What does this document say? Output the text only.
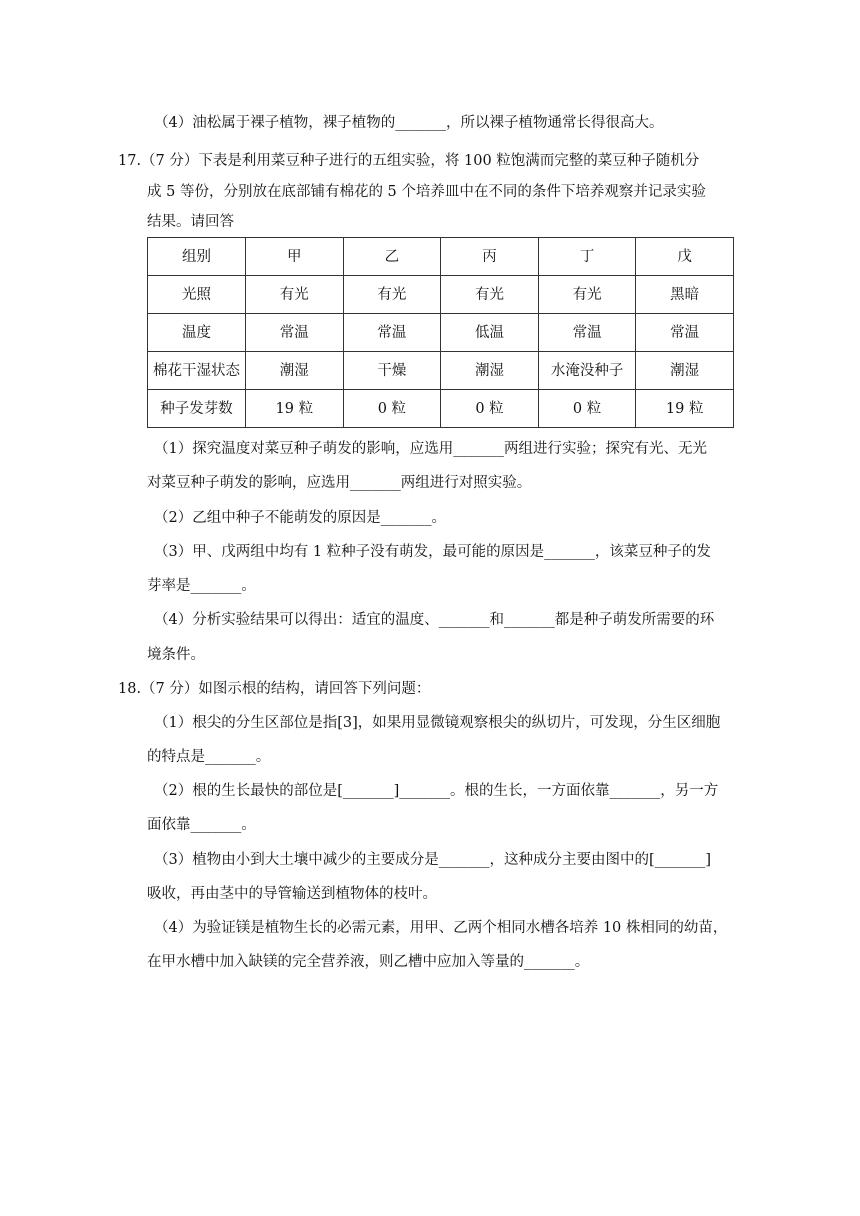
（4）油松属于裸子植物，裸子植物的_______，所以裸子植物通常长得很高大。
17.（7 分）下表是利用菜豆种子进行的五组实验，将 100 粒饱满而完整的菜豆种子随机分
成 5 等份，分别放在底部铺有棉花的 5 个培养皿中在不同的条件下培养观察并记录实验
结果。请回答
组别	甲	乙	丙	丁	戊
光照	有光	有光	有光	有光	黑暗
温度	常温	常温	低温	常温	常温
棉花干湿状态	潮湿	干燥	潮湿	水淹没种子	潮湿
种子发芽数	19 粒	0 粒	0 粒	0 粒	19 粒
（1）探究温度对菜豆种子萌发的影响，应选用_______两组进行实验；探究有光、无光
对菜豆种子萌发的影响，应选用_______两组进行对照实验。
（2）乙组中种子不能萌发的原因是_______。
（3）甲、戊两组中均有 1 粒种子没有萌发，最可能的原因是_______，该菜豆种子的发
芽率是_______。
（4）分析实验结果可以得出：适宜的温度、_______和_______都是种子萌发所需要的环
境条件。
18.（7 分）如图示根的结构，请回答下列问题：
（1）根尖的分生区部位是指[3]，如果用显微镜观察根尖的纵切片，可发现，分生区细胞
的特点是_______。
（2）根的生长最快的部位是[_______]_______。根的生长，一方面依靠_______，另一方
面依靠_______。
（3）植物由小到大土壤中减少的主要成分是_______，这种成分主要由图中的[_______]
吸收，再由茎中的导管输送到植物体的枝叶。
（4）为验证镁是植物生长的必需元素，用甲、乙两个相同水槽各培养 10 株相同的幼苗，
在甲水槽中加入缺镁的完全营养液，则乙槽中应加入等量的_______。
